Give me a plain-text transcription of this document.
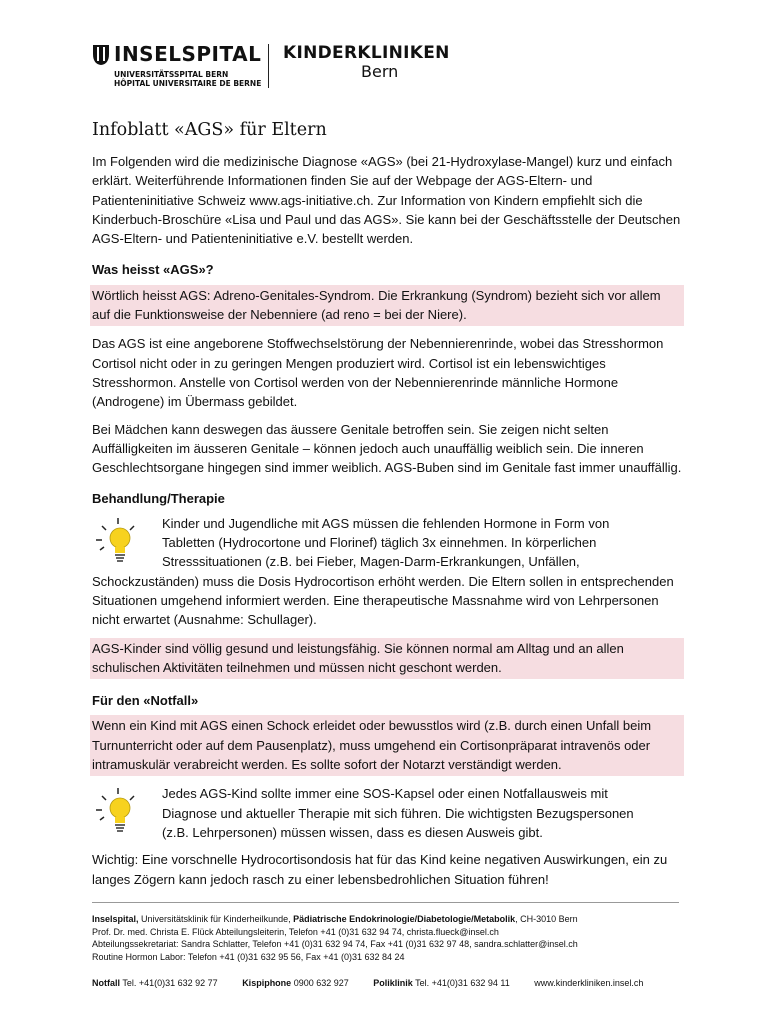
INSELSPITAL
UNIVERSITÄTSSPITAL BERN
HÔPITAL UNIVERSITAIRE DE BERNE
KINDERKLINIKEN
Bern
Infoblatt «AGS» für Eltern

Im Folgenden wird die medizinische Diagnose «AGS» (bei 21-Hydroxylase-Mangel) kurz und einfach erklärt. Weiterführende Informationen finden Sie auf der Webpage der AGS-Eltern- und Patienteninitiative Schweiz www.ags-initiative.ch. Zur Information von Kindern empfiehlt sich die Kinderbuch-Broschüre «Lisa und Paul und das AGS». Sie kann bei der Geschäftsstelle der Deutschen AGS-Eltern- und Patienteninitiative e.V. bestellt werden.

Was heisst «AGS»?

Wörtlich heisst AGS: Adreno-Genitales-Syndrom. Die Erkrankung (Syndrom) bezieht sich vor allem auf die Funktionsweise der Nebenniere (ad reno = bei der Niere).

Das AGS ist eine angeborene Stoffwechselstörung der Nebennierenrinde, wobei das Stresshormon Cortisol nicht oder in zu geringen Mengen produziert wird. Cortisol ist ein lebenswichtiges Stresshormon. Anstelle von Cortisol werden von der Nebennierenrinde männliche Hormone (Androgene) im Übermass gebildet.

Bei Mädchen kann deswegen das äussere Genitale betroffen sein. Sie zeigen nicht selten Auffälligkeiten im äusseren Genitale – können jedoch auch unauffällig weiblich sein. Die inneren Geschlechtsorgane hingegen sind immer weiblich. AGS-Buben sind im Genitale fast immer unauffällig.

Behandlung/Therapie

Kinder und Jugendliche mit AGS müssen die fehlenden Hormone in Form von
Tabletten (Hydrocortone und Florinef) täglich 3x einnehmen. In körperlichen
Stresssituationen (z.B. bei Fieber, Magen-Darm-Erkrankungen, Unfällen,
Schockzuständen) muss die Dosis Hydrocortison erhöht werden. Die Eltern sollen in entsprechenden Situationen umgehend informiert werden. Eine therapeutische Massnahme wird von Lehrpersonen nicht erwartet (Ausnahme: Schullager).

AGS-Kinder sind völlig gesund und leistungsfähig. Sie können normal am Alltag und an allen schulischen Aktivitäten teilnehmen und müssen nicht geschont werden.

Für den «Notfall»

Wenn ein Kind mit AGS einen Schock erleidet oder bewusstlos wird (z.B. durch einen Unfall beim Turnunterricht oder auf dem Pausenplatz), muss umgehend ein Cortisonpräparat intravenös oder intramuskulär verabreicht werden. Es sollte sofort der Notarzt verständigt werden.

Jedes AGS-Kind sollte immer eine SOS-Kapsel oder einen Notfallausweis mit
Diagnose und aktueller Therapie mit sich führen. Die wichtigsten Bezugspersonen
(z.B. Lehrpersonen) müssen wissen, dass es diesen Ausweis gibt.

Wichtig: Eine vorschnelle Hydrocortisondosis hat für das Kind keine negativen Auswirkungen, ein zu langes Zögern kann jedoch rasch zu einer lebensbedrohlichen Situation führen!

Inselspital, Universitätsklinik für Kinderheilkunde, Pädiatrische Endokrinologie/Diabetologie/Metabolik, CH-3010 Bern
Prof. Dr. med. Christa E. Flück Abteilungsleiterin, Telefon +41 (0)31 632 94 74, christa.flueck@insel.ch
Abteilungssekretariat: Sandra Schlatter, Telefon +41 (0)31 632 94 74, Fax +41 (0)31 632 97 48, sandra.schlatter@insel.ch
Routine Hormon Labor: Telefon +41 (0)31 632 95 56, Fax +41 (0)31 632 84 24
Notfall Tel. +41(0)31 632 92 77	Kispiphone 0900 632 927	Poliklinik Tel. +41(0)31 632 94 11	www.kinderkliniken.insel.ch
